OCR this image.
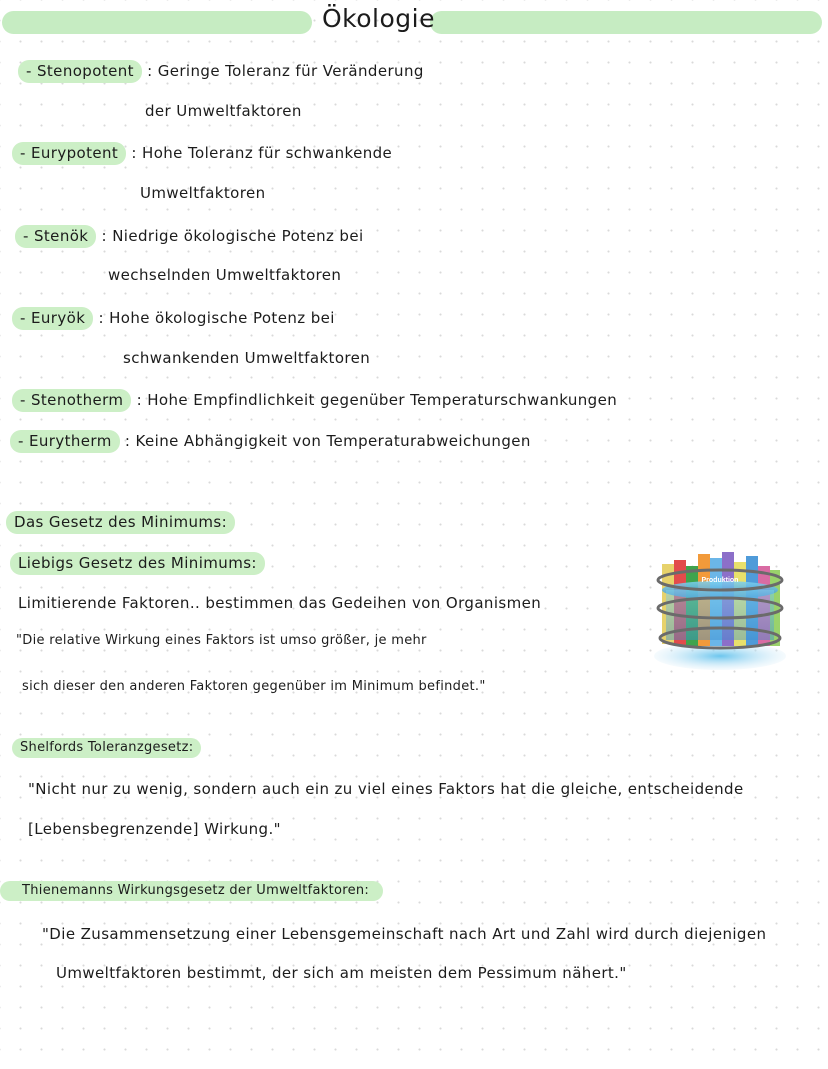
Ökologie
- Stenopotent : Geringe Toleranz für Veränderung
der Umweltfaktoren
- Eurypotent : Hohe Toleranz für schwankende
Umweltfaktoren
- Stenök : Niedrige ökologische Potenz bei
wechselnden Umweltfaktoren
- Euryök : Hohe ökologische Potenz bei
schwankenden Umweltfaktoren
- Stenotherm : Hohe Empfindlichkeit gegenüber Temperaturschwankungen
- Eurytherm : Keine Abhängigkeit von Temperaturabweichungen
Das Gesetz des Minimums:
Liebigs Gesetz des Minimums:
Limitierende Faktoren.. bestimmen das Gedeihen von Organismen
"Die relative Wirkung eines Faktors ist umso größer, je mehr
sich dieser den anderen Faktoren gegenüber im Minimum befindet."
Produktion
Shelfords Toleranzgesetz:
"Nicht nur zu wenig, sondern auch ein zu viel eines Faktors hat die gleiche, entscheidende
[Lebensbegrenzende] Wirkung."
Thienemanns Wirkungsgesetz der Umweltfaktoren:
"Die Zusammensetzung einer Lebensgemeinschaft nach Art und Zahl wird durch diejenigen
Umweltfaktoren bestimmt, der sich am meisten dem Pessimum nähert."
